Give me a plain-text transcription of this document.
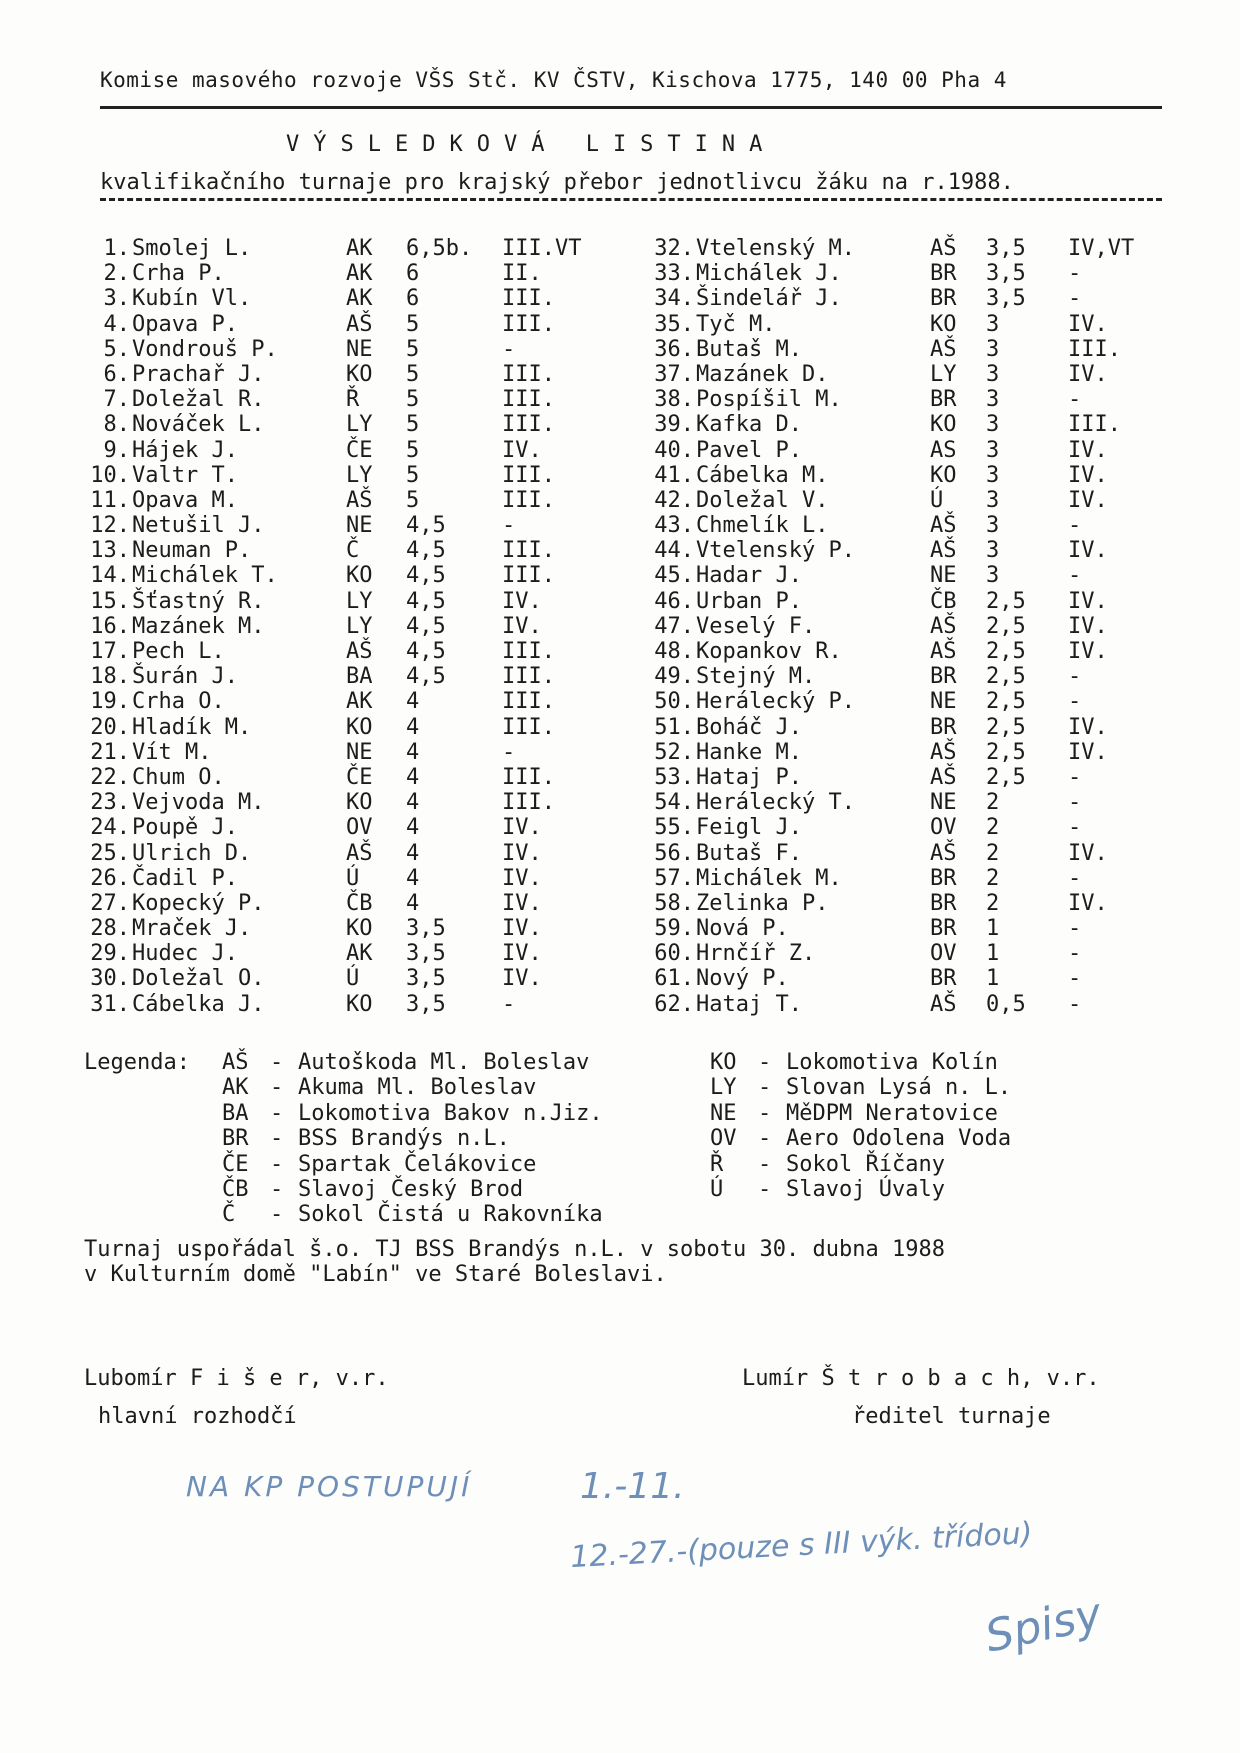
Komise masového rozvoje VŠS Stč. KV ČSTV, Kischova 1775, 140 00 Pha 4
VÝSLEDKOVÁ LISTINA
kvalifikačního turnaje pro krajský přebor jednotlivcu žáku na r.1988.
1. Smolej L.	AK 6,5b. III.VT
2. Crha P.	AK 6	II.
3. Kubín Vl.	AK 6	III.
4. Opava P.	AŠ 5	III.
5. Vondrouš P.	NE 5	-
6. Prachař J.	KO 5	III.
7. Doležal R.	Ř 5	III.
8. Nováček L.	LY 5	III.
9. Hájek J.	ČE 5	IV.
10. Valtr T.	LY 5	III.
11. Opava M.	AŠ 5	III.
12. Netušil J.	NE 4,5	-
13. Neuman P.	Č 4,5	III.
14. Michálek T.	KO 4,5	III.
15. Šťastný R.	LY 4,5	IV.
16. Mazánek M.	LY 4,5	IV.
17. Pech L.	AŠ 4,5	III.
18. Šurán J.	BA 4,5	III.
19. Crha O.	AK 4	III.
20. Hladík M.	KO 4	III.
21. Vít M.	NE 4	-
22. Chum O.	ČE 4	III.
23. Vejvoda M.	KO 4	III.
24. Poupě J.	OV 4	IV.
25. Ulrich D.	AŠ 4	IV.
26. Čadil P.	Ú 4	IV.
27. Kopecký P.	ČB 4	IV.
28. Mraček J.	KO 3,5	IV.
29. Hudec J.	AK 3,5	IV.
30. Doležal O.	Ú 3,5	IV.
31. Cábelka J.	KO 3,5	-
32. Vtelenský M.	AŠ 3,5 IV,VT
33. Michálek J.	BR 3,5 -
34. Šindelář J.	BR 3,5 -
35. Tyč M.	KO 3	IV.
36. Butaš M.	AŠ 3	III.
37. Mazánek D.	LY 3	IV.
38. Pospíšil M.	BR 3	-
39. Kafka D.	KO 3	III.
40. Pavel P.	AS 3	IV.
41. Cábelka M.	KO 3	IV.
42. Doležal V.	Ú 3	IV.
43. Chmelík L.	AŠ 3	-
44. Vtelenský P.	AŠ 3	IV.
45. Hadar J.	NE 3	-
46. Urban P.	ČB 2,5 IV.
47. Veselý F.	AŠ 2,5 IV.
48. Kopankov R.	AŠ 2,5 IV.
49. Stejný M.	BR 2,5 -
50. Herálecký P.	NE 2,5 -
51. Boháč J.	BR 2,5 IV.
52. Hanke M.	AŠ 2,5 IV.
53. Hataj P.	AŠ 2,5 -
54. Herálecký T.	NE 2	-
55. Feigl J.	OV 2	-
56. Butaš F.	AŠ 2	IV.
57. Michálek M.	BR 2	-
58. Zelinka P.	BR 2	IV.
59. Nová P.	BR 1	-
60. Hrnčíř Z.	OV 1	-
61. Nový P.	BR 1	-
62. Hataj T.	AŠ 0,5 -
Legenda: AŠ - Autoškoda Ml. Boleslav
AK - Akuma Ml. Boleslav
BA - Lokomotiva Bakov n.Jiz.
BR - BSS Brandýs n.L.
ČE - Spartak Čelákovice
ČB - Slavoj Český Brod
Č - Sokol Čistá u Rakovníka
KO - Lokomotiva Kolín
LY - Slovan Lysá n. L.
NE - MěDPM Neratovice
OV - Aero Odolena Voda
Ř - Sokol Říčany
Ú - Slavoj Úvaly
Turnaj uspořádal š.o. TJ BSS Brandýs n.L. v sobotu 30. dubna 1988
v Kulturním domě "Labín" ve Staré Boleslavi.
Lubomír F i š e r, v.r.
hlavní rozhodčí
Lumír Š t r o b a c h, v.r.
ředitel turnaje
NA KP POSTUPUJÍ	1.-11.
12.-27.-(pouze s III výk. třídou)
Spisy
